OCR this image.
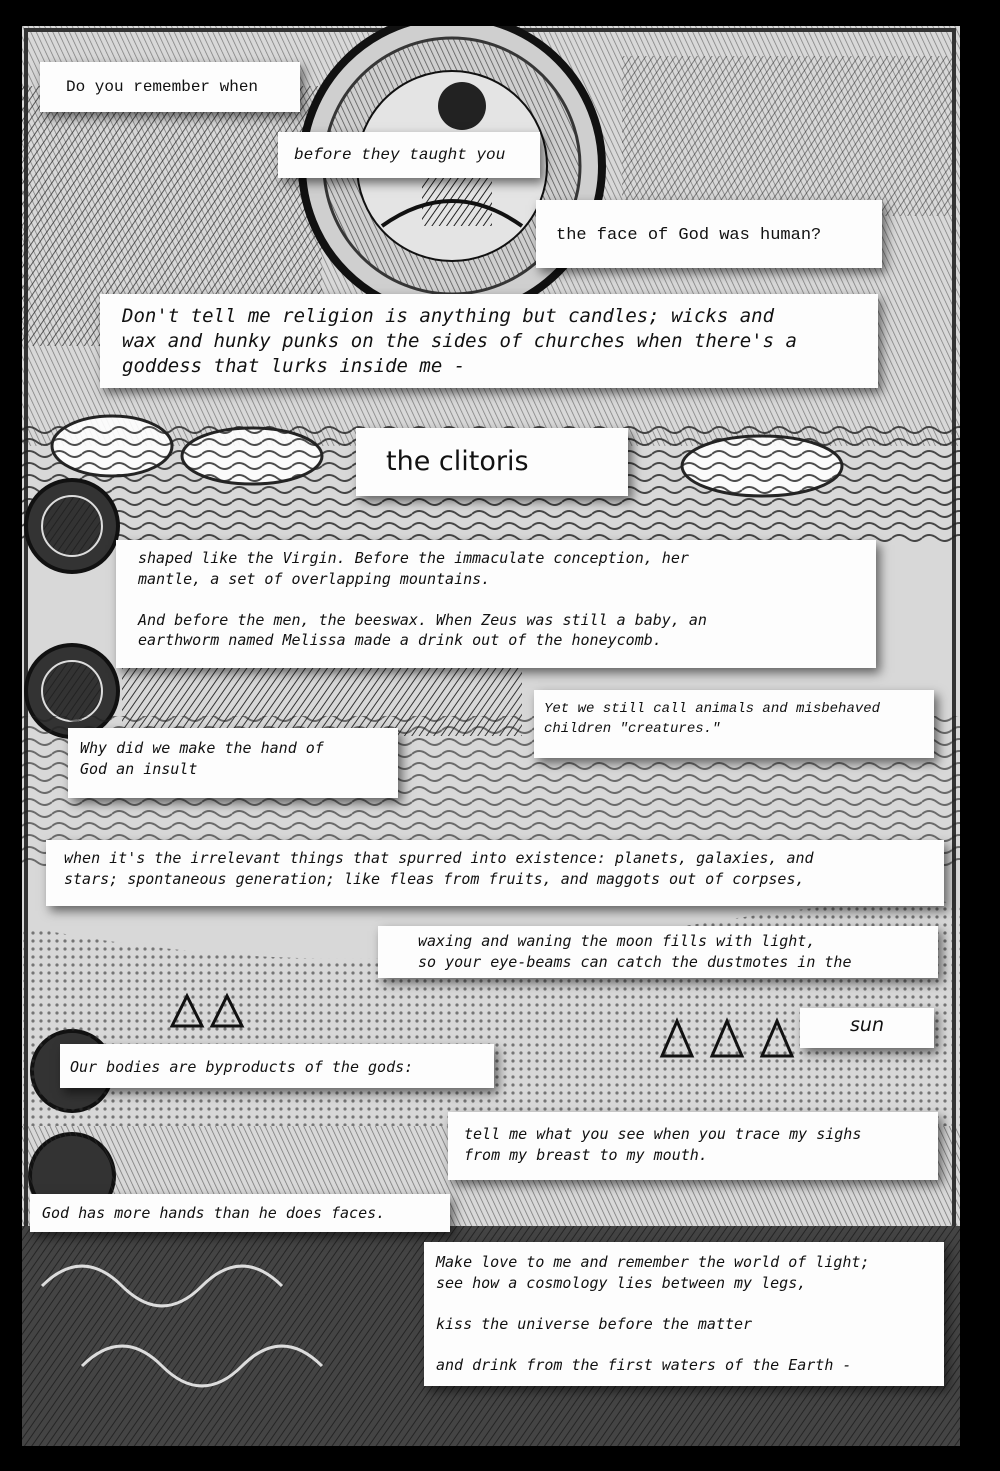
Do you remember when
before they taught you
the face of God was human?
Don't tell me religion is anything but candles; wicks and
wax and hunky punks on the sides of churches when there's a
goddess that lurks inside me -
the clitoris
shaped like the Virgin. Before the immaculate conception, her
mantle, a set of overlapping mountains.

And before the men, the beeswax. When Zeus was still a baby, an
earthworm named Melissa made a drink out of the honeycomb.
Yet we still call animals and misbehaved
children "creatures."
Why did we make the hand of
God an insult
when it's the irrelevant things that spurred into existence: planets, galaxies, and
stars; spontaneous generation; like fleas from fruits, and maggots out of corpses,
waxing and waning the moon fills with light,
so your eye-beams can catch the dustmotes in the
sun
Our bodies are byproducts of the gods:
tell me what you see when you trace my sighs
from my breast to my mouth.
God has more hands than he does faces.
Make love to me and remember the world of light;
see how a cosmology lies between my legs,

kiss the universe before the matter

and drink from the first waters of the Earth -
